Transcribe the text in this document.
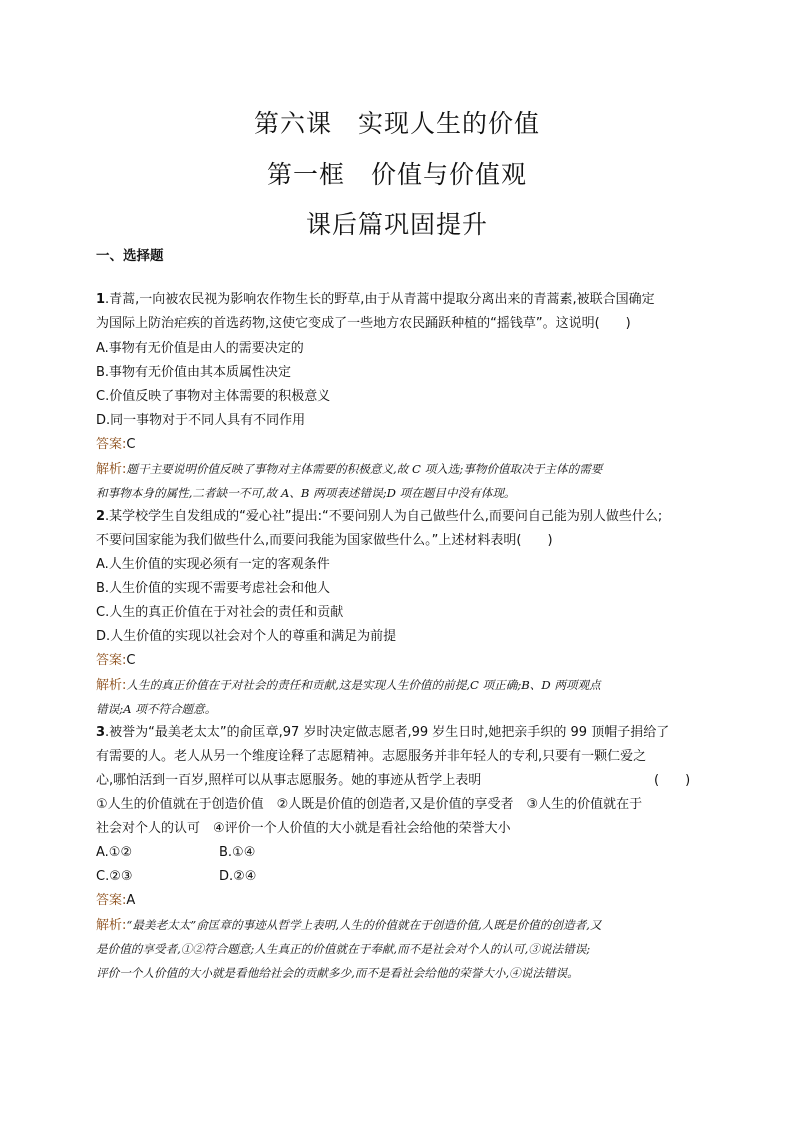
第六课　实现人生的价值
第一框　价值与价值观
课后篇巩固提升
一、选择题
1.青蒿,一向被农民视为影响农作物生长的野草,由于从青蒿中提取分离出来的青蒿素,被联合国确定
为国际上防治疟疾的首选药物,这使它变成了一些地方农民踊跃种植的“摇钱草”。这说明(　　)
A.事物有无价值是由人的需要决定的
B.事物有无价值由其本质属性决定
C.价值反映了事物对主体需要的积极意义
D.同一事物对于不同人具有不同作用
答案:C
解析:题干主要说明价值反映了事物对主体需要的积极意义,故 C 项入选;事物价值取决于主体的需要
和事物本身的属性,二者缺一不可,故 A、B 两项表述错误;D 项在题目中没有体现。
2.某学校学生自发组成的“爱心社”提出:“不要问别人为自己做些什么,而要问自己能为别人做些什么;
不要问国家能为我们做些什么,而要问我能为国家做些什么。”上述材料表明(　　)
A.人生价值的实现必须有一定的客观条件
B.人生价值的实现不需要考虑社会和他人
C.人生的真正价值在于对社会的责任和贡献
D.人生价值的实现以社会对个人的尊重和满足为前提
答案:C
解析:人生的真正价值在于对社会的责任和贡献,这是实现人生价值的前提,C 项正确;B、D 两项观点
错误;A 项不符合题意。
3.被誉为“最美老太太”的俞匡章,97 岁时决定做志愿者,99 岁生日时,她把亲手织的 99 顶帽子捐给了
有需要的人。老人从另一个维度诠释了志愿精神。志愿服务并非年轻人的专利,只要有一颗仁爱之
心,哪怕活到一百岁,照样可以从事志愿服务。她的事迹从哲学上表明	(　　)
①人生的价值就在于创造价值　②人既是价值的创造者,又是价值的享受者　③人生的价值就在于
社会对个人的认可　④评价一个人价值的大小就是看社会给他的荣誉大小
A.①②	B.①④
C.②③	D.②④
答案:A
解析:“最美老太太”俞匡章的事迹从哲学上表明,人生的价值就在于创造价值,人既是价值的创造者,又
是价值的享受者,①②符合题意;人生真正的价值就在于奉献,而不是社会对个人的认可,③说法错误;
评价一个人价值的大小就是看他给社会的贡献多少,而不是看社会给他的荣誉大小,④说法错误。
